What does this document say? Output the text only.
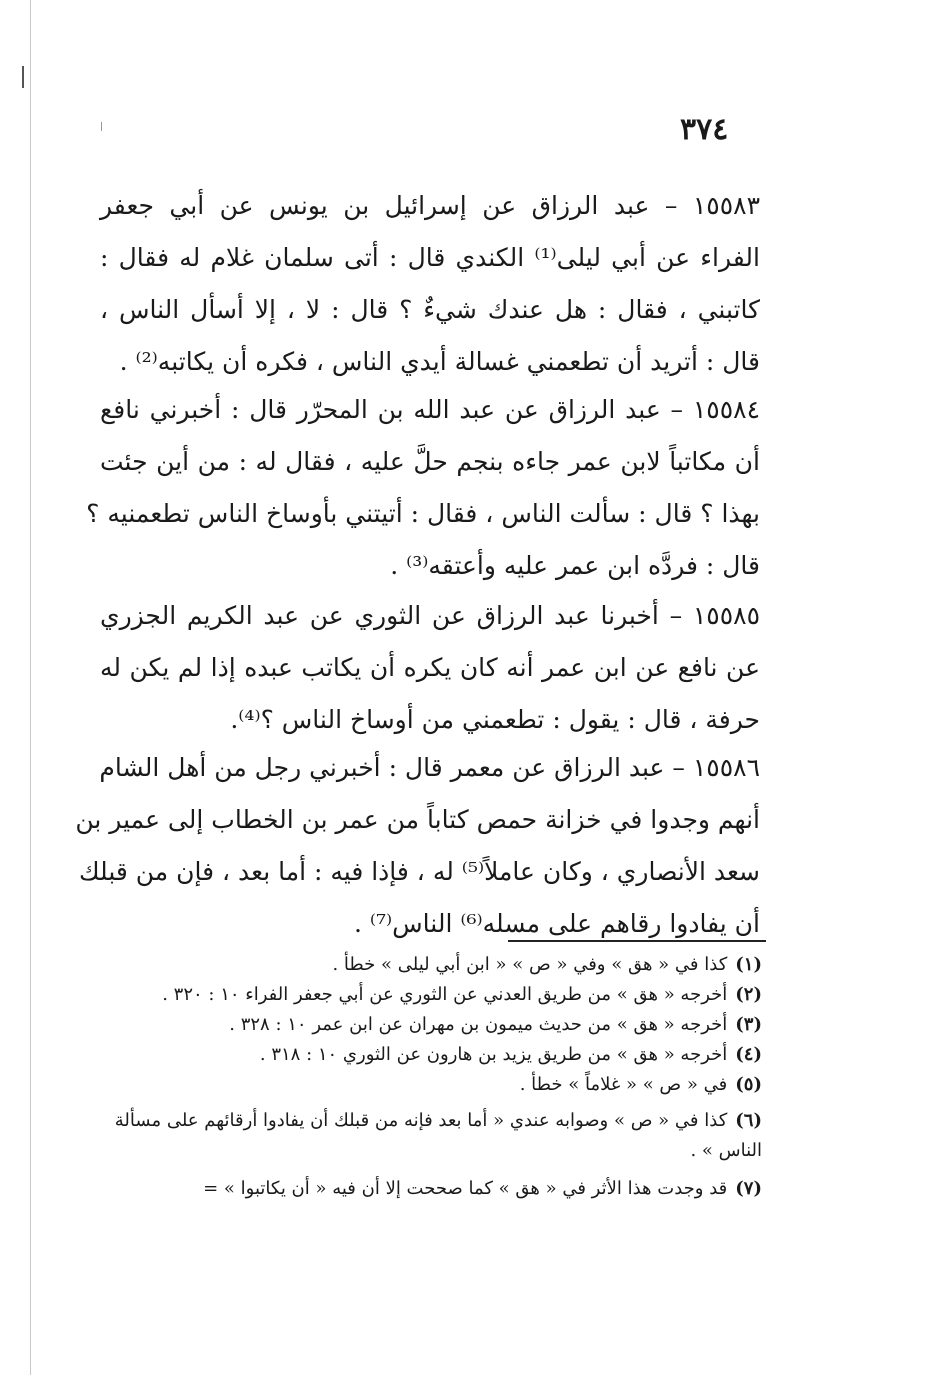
٣٧٤
١٥٥٨٣ – عبد الرزاق عن إسرائيل بن يونس عن أبي جعفر
الفراء عن أبي ليلى⁽¹⁾ الكندي قال : أتى سلمان غلام له فقال :
كاتبني ، فقال : هل عندك شيءٌ ؟ قال : لا ، إلا أسأل الناس ،
قال : أتريد أن تطعمني غسالة أيدي الناس ، فكره أن يكاتبه⁽²⁾ .
١٥٥٨٤ – عبد الرزاق عن عبد الله بن المحرّر قال : أخبرني نافع
أن مكاتباً لابن عمر جاءه بنجم حلَّ عليه ، فقال له : من أين جئت
بهذا ؟ قال : سألت الناس ، فقال : أتيتني بأوساخ الناس تطعمنيه ؟
قال : فردَّه ابن عمر عليه وأعتقه⁽³⁾ .
١٥٥٨٥ – أخبرنا عبد الرزاق عن الثوري عن عبد الكريم الجزري
عن نافع عن ابن عمر أنه كان يكره أن يكاتب عبده إذا لم يكن له
حرفة ، قال : يقول : تطعمني من أوساخ الناس ؟⁽⁴⁾.
١٥٥٨٦ – عبد الرزاق عن معمر قال : أخبرني رجل من أهل الشام
أنهم وجدوا في خزانة حمص كتاباً من عمر بن الخطاب إلى عمير بن
سعد الأنصاري ، وكان عاملاً⁽⁵⁾ له ، فإذا فيه : أما بعد ، فإن من قبلك
أن يفادوا رقاهم على مسله⁽⁶⁾ الناس⁽⁷⁾ .
(١)كذا في « هق » وفي « ص » « ابن أبي ليلى » خطأ .
(٢)أخرجه « هق » من طريق العدني عن الثوري عن أبي جعفر الفراء ١٠ : ٣٢٠ .
(٣)أخرجه « هق » من حديث ميمون بن مهران عن ابن عمر ١٠ : ٣٢٨ .
(٤)أخرجه « هق » من طريق يزيد بن هارون عن الثوري ١٠ : ٣١٨ .
(٥)في « ص » « غلاماً » خطأ .
(٦)كذا في « ص » وصوابه عندي « أما بعد فإنه من قبلك أن يفادوا أرقائهم على مسألة الناس » .
(٧)قد وجدت هذا الأثر في « هق » كما صححت إلا أن فيه « أن يكاتبوا » =
